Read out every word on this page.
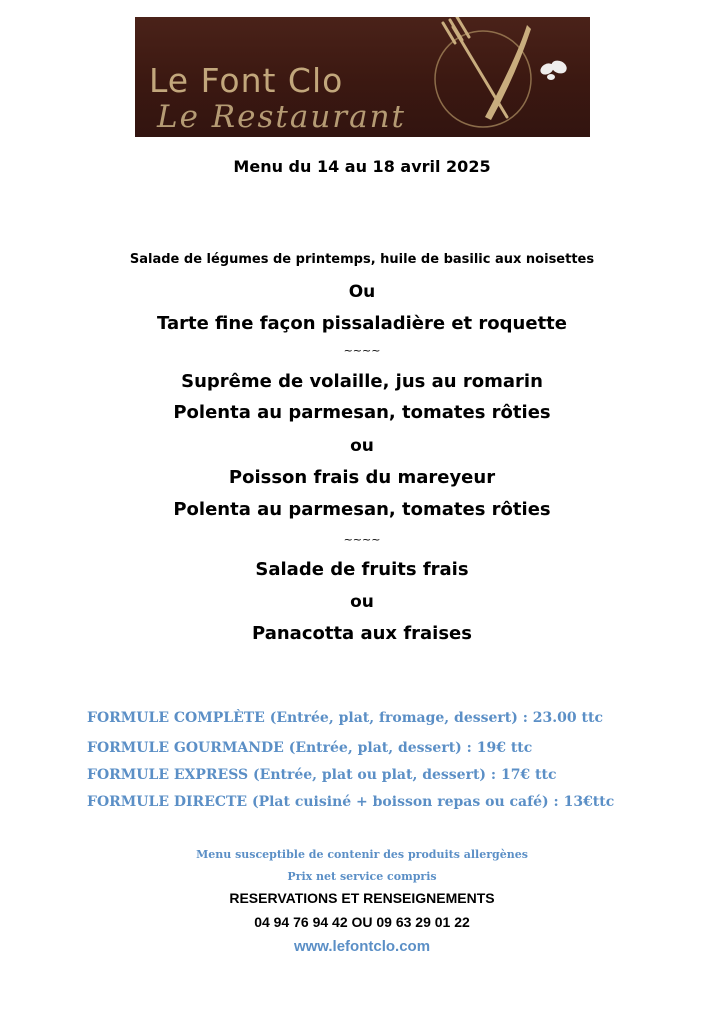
Le Font Clo
Le Restaurant
Menu du 14 au 18 avril 2025
Salade de légumes de printemps, huile de basilic aux noisettes
Ou
Tarte fine façon pissaladière et roquette
~~~~
Suprême de volaille, jus au romarin
Polenta au parmesan, tomates rôties
ou
Poisson frais du mareyeur
Polenta au parmesan, tomates rôties
~~~~
Salade de fruits frais
ou
Panacotta aux fraises
FORMULE COMPLÈTE (Entrée, plat, fromage, dessert) : 23.00 ttc
FORMULE GOURMANDE (Entrée, plat, dessert) : 19€ ttc
FORMULE EXPRESS (Entrée, plat ou plat, dessert) : 17€ ttc
FORMULE DIRECTE (Plat cuisiné + boisson repas ou café) : 13€ttc
Menu susceptible de contenir des produits allergènes
Prix net service compris
RESERVATIONS ET RENSEIGNEMENTS
04 94 76 94 42 OU 09 63 29 01 22
www.lefontclo.com
